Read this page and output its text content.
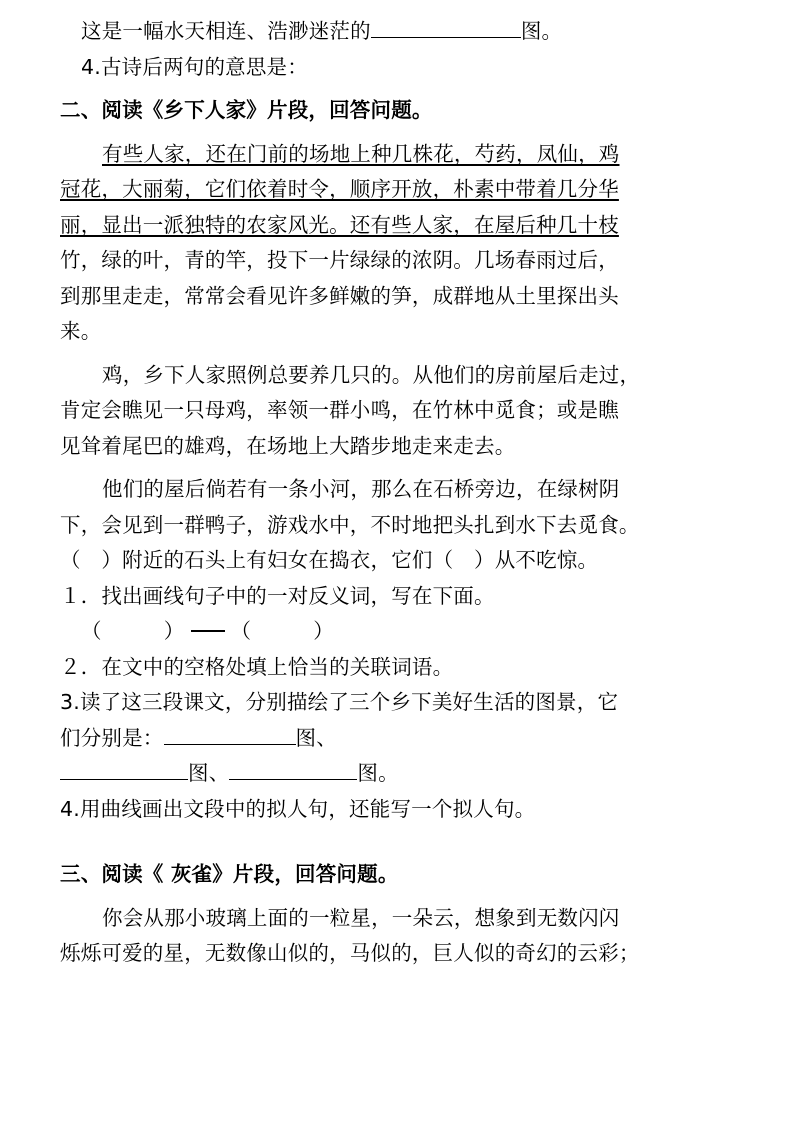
这是一幅水天相连、浩渺迷茫的	图。
4.古诗后两句的意思是：
二、阅读《乡下人家》片段，回答问题。
有些人家，还在门前的场地上种几株花，芍药，凤仙，鸡
冠花，大丽菊，它们依着时令，顺序开放，朴素中带着几分华
丽，显出一派独特的农家风光。还有些人家，在屋后种几十枝
竹，绿的叶，青的竿，投下一片绿绿的浓阴。几场春雨过后，
到那里走走，常常会看见许多鲜嫩的笋，成群地从土里探出头
来。
鸡，乡下人家照例总要养几只的。从他们的房前屋后走过，
肯定会瞧见一只母鸡，率领一群小鸣，在竹林中觅食；或是瞧
见耸着尾巴的雄鸡，在场地上大踏步地走来走去。
他们的屋后倘若有一条小河，那么在石桥旁边，在绿树阴
下，会见到一群鸭子，游戏水中，不时地把头扎到水下去觅食。
（　）附近的石头上有妇女在捣衣，它们（　）从不吃惊。
１．找出画线句子中的一对反义词，写在下面。
（　　　） （　　　）
２．在文中的空格处填上恰当的关联词语。
3.读了这三段课文，分别描绘了三个乡下美好生活的图景，它
们分别是：	图、
图、	图。
4.用曲线画出文段中的拟人句，还能写一个拟人句。
三、阅读《 灰雀》片段，回答问题。
你会从那小玻璃上面的一粒星，一朵云，想象到无数闪闪
烁烁可爱的星，无数像山似的，马似的，巨人似的奇幻的云彩；
